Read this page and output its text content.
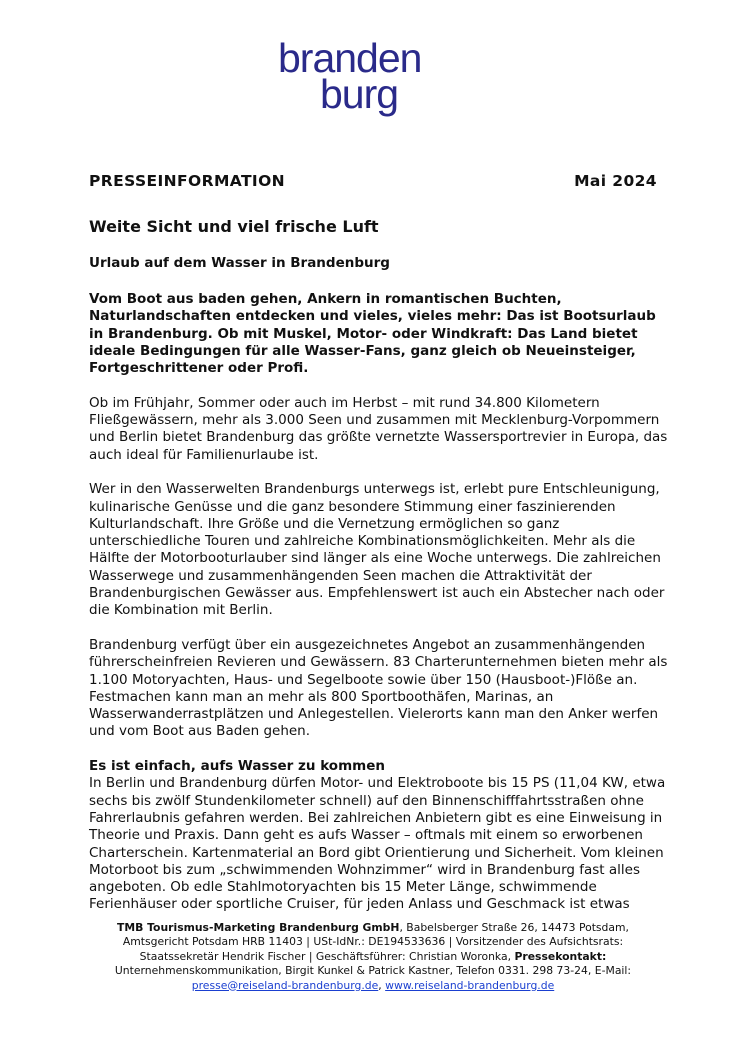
branden
burg
PRESSEINFORMATION	Mai 2024
Weite Sicht und viel frische Luft
Urlaub auf dem Wasser in Brandenburg

Vom Boot aus baden gehen, Ankern in romantischen Buchten, Naturlandschaften entdecken und vieles, vieles mehr: Das ist Bootsurlaub in Brandenburg. Ob mit Muskel, Motor- oder Windkraft: Das Land bietet ideale Bedingungen für alle Wasser-Fans, ganz gleich ob Neueinsteiger, Fortgeschrittener oder Profi.

Ob im Frühjahr, Sommer oder auch im Herbst – mit rund 34.800 Kilometern Fließgewässern, mehr als 3.000 Seen und zusammen mit Mecklenburg-Vorpommern und Berlin bietet Brandenburg das größte vernetzte Wassersportrevier in Europa, das auch ideal für Familienurlaube ist.

Wer in den Wasserwelten Brandenburgs unterwegs ist, erlebt pure Entschleunigung, kulinarische Genüsse und die ganz besondere Stimmung einer faszinierenden Kulturlandschaft. Ihre Größe und die Vernetzung ermöglichen so ganz unterschiedliche Touren und zahlreiche Kombinationsmöglichkeiten. Mehr als die Hälfte der Motorbooturlauber sind länger als eine Woche unterwegs. Die zahlreichen Wasserwege und zusammenhängenden Seen machen die Attraktivität der Brandenburgischen Gewässer aus. Empfehlenswert ist auch ein Abstecher nach oder die Kombination mit Berlin.

Brandenburg verfügt über ein ausgezeichnetes Angebot an zusammenhängenden führerscheinfreien Revieren und Gewässern. 83 Charterunternehmen bieten mehr als 1.100 Motoryachten, Haus- und Segelboote sowie über 150 (Hausboot-)Flöße an. Festmachen kann man an mehr als 800 Sportboothäfen, Marinas, an Wasserwanderrastplätzen und Anlegestellen. Vielerorts kann man den Anker werfen und vom Boot aus Baden gehen.

Es ist einfach, aufs Wasser zu kommen
In Berlin und Brandenburg dürfen Motor- und Elektroboote bis 15 PS (11,04 KW, etwa sechs bis zwölf Stundenkilometer schnell) auf den Binnenschifffahrtsstraßen ohne Fahrerlaubnis gefahren werden. Bei zahlreichen Anbietern gibt es eine Einweisung in Theorie und Praxis. Dann geht es aufs Wasser – oftmals mit einem so erworbenen Charterschein. Kartenmaterial an Bord gibt Orientierung und Sicherheit. Vom kleinen Motorboot bis zum „schwimmenden Wohnzimmer“ wird in Brandenburg fast alles angeboten. Ob edle Stahlmotoryachten bis 15 Meter Länge, schwimmende Ferienhäuser oder sportliche Cruiser, für jeden Anlass und Geschmack ist etwas
TMB Tourismus-Marketing Brandenburg GmbH, Babelsberger Straße 26, 14473 Potsdam,
Amtsgericht Potsdam HRB 11403 | USt-IdNr.: DE194533636 | Vorsitzender des Aufsichtsrats:
Staatssekretär Hendrik Fischer | Geschäftsführer: Christian Woronka, Pressekontakt:
Unternehmenskommunikation, Birgit Kunkel & Patrick Kastner, Telefon 0331. 298 73-24, E-Mail:
presse@reiseland-brandenburg.de, www.reiseland-brandenburg.de
